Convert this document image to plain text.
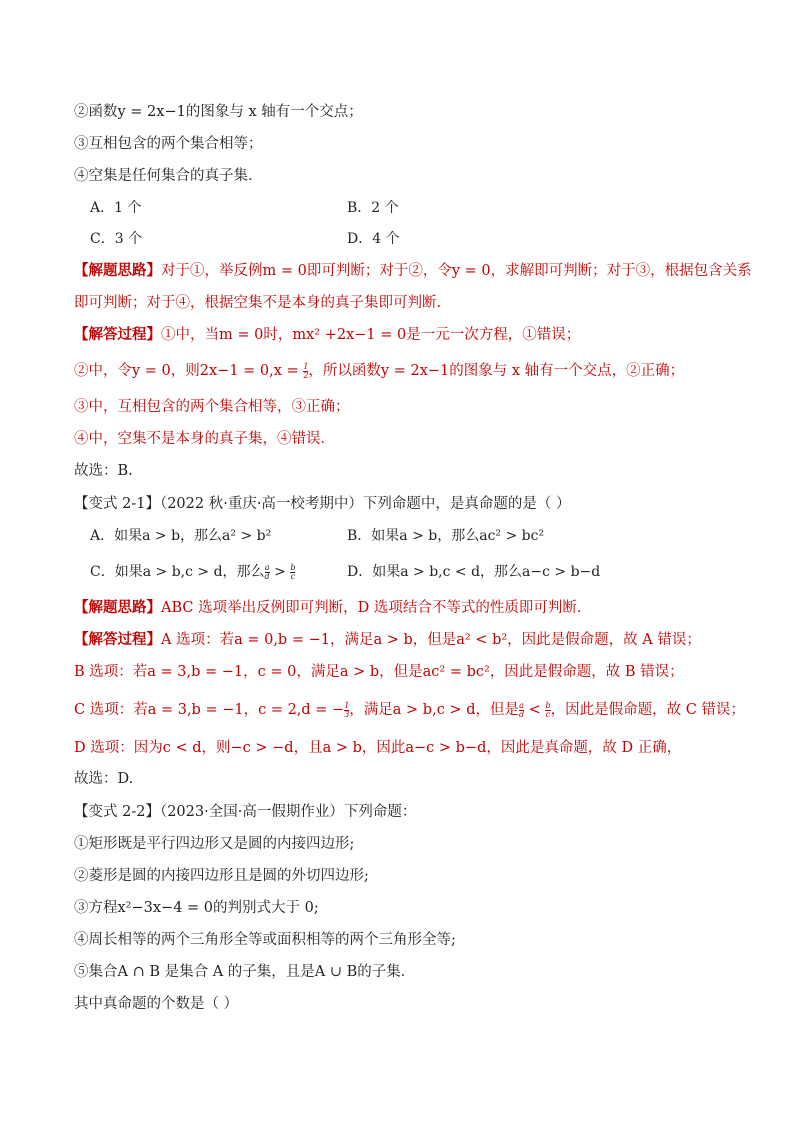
②函数y = 2x−1的图象与 x 轴有一个交点；
③互相包含的两个集合相等；
④空集是任何集合的真子集．
A．1 个	B．2 个
C．3 个	D．4 个
【解题思路】对于①，举反例m = 0即可判断；对于②，令y = 0，求解即可判断；对于③，根据包含关系
即可判断；对于④，根据空集不是本身的真子集即可判断.
【解答过程】①中，当m = 0时，mx² +2x−1 = 0是一元一次方程，①错误；
②中，令y = 0，则$2x-1 = 0,x = \frac{1}{2}$ ，所以函数y = 2x−1的图象与 x 轴有一个交点，②正确；
③中，互相包含的两个集合相等，③正确；
④中，空集不是本身的真子集，④错误．
故选：B.
【变式 2-1】（2022 秋·重庆·高一校考期中）下列命题中，是真命题的是（ ）
A．如果a > b，那么a² > b²	B．如果a > b，那么ac² > bc²
C．如果a > b,c > d，那么 $\frac{a}{d} > \frac{b}{c}$	D．如果a > b,c < d，那么a−c > b−d
【解题思路】ABC 选项举出反例即可判断，D 选项结合不等式的性质即可判断.
【解答过程】A 选项：若a = 0,b = −1，满足a > b，但是a² < b²，因此是假命题，故 A 错误；
B 选项：若a = 3,b = −1，c = 0，满足a > b，但是ac² = bc²，因此是假命题，故 B 错误；
C 选项：若a = 3,b = −1，c = 2,d = − $\frac{1}{3}$ ，满足a > b,c > d，但是 $\frac{a}{d} < \frac{b}{c}$ ，因此是假命题，故 C 错误；
D 选项：因为c < d，则−c > −d，且a > b，因此a−c > b−d，因此是真命题，故 D 正确，
故选：D.
【变式 2-2】（2023·全国·高一假期作业）下列命题：
①矩形既是平行四边形又是圆的内接四边形;
②菱形是圆的内接四边形且是圆的外切四边形;
③方程x²−3x−4 = 0的判别式大于 0;
④周长相等的两个三角形全等或面积相等的两个三角形全等;
⑤集合A ∩ B 是集合 A 的子集，且是A ∪ B的子集．
其中真命题的个数是（ ）
